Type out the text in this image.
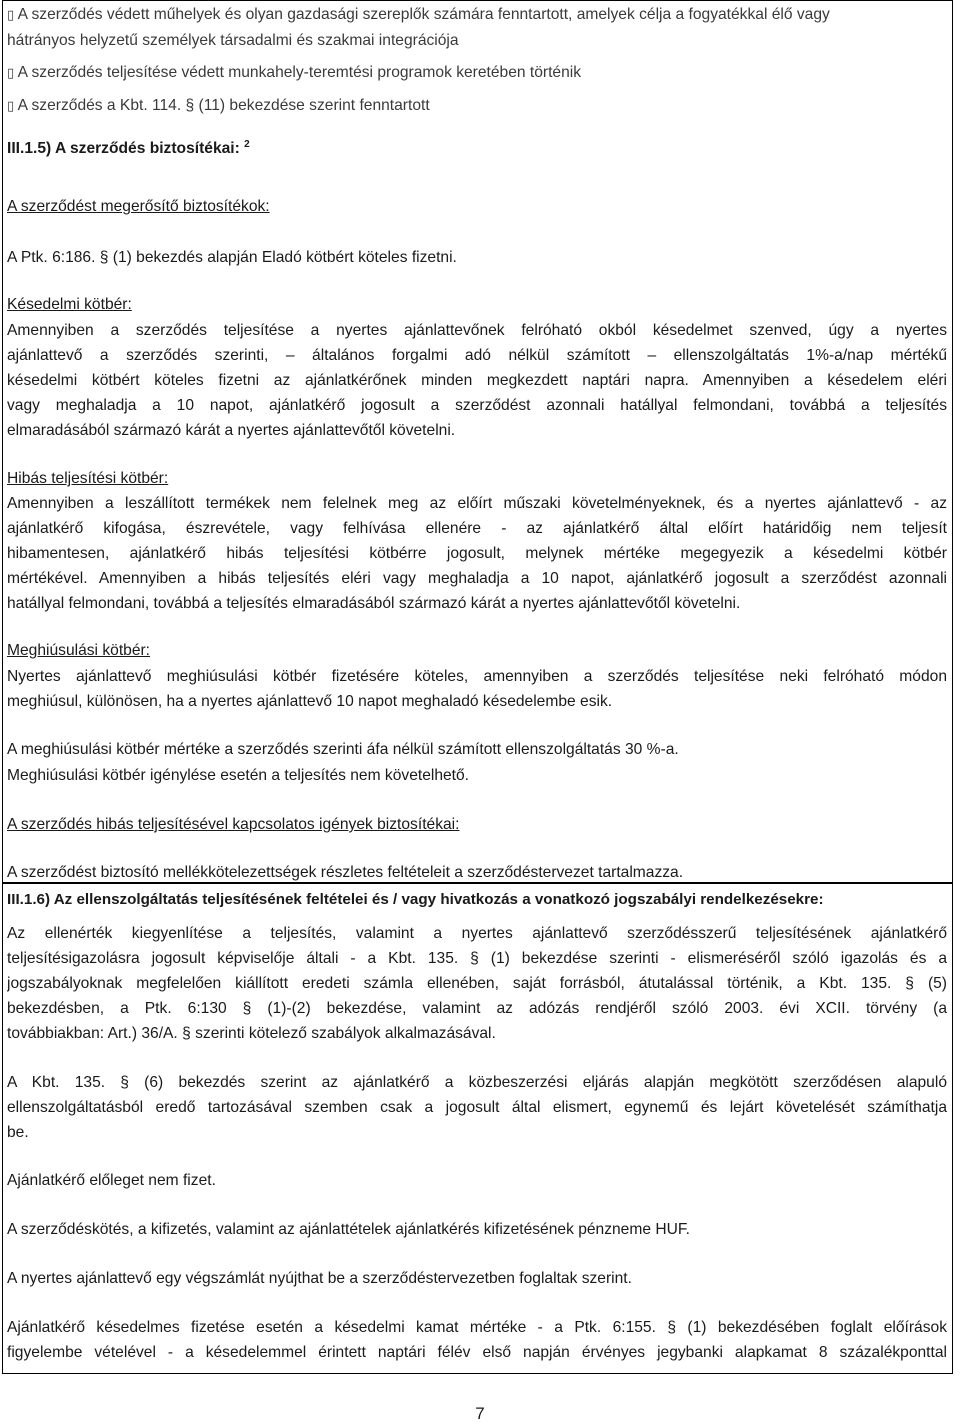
▯ A szerződés védett műhelyek és olyan gazdasági szereplők számára fenntartott, amelyek célja a fogyatékkal élő vagy
hátrányos helyzetű személyek társadalmi és szakmai integrációja
▯ A szerződés teljesítése védett munkahely-teremtési programok keretében történik
▯ A szerződés a Kbt. 114. § (11) bekezdése szerint fenntartott
III.1.5) A szerződés biztosítékai: $^2$
A szerződést megerősítő biztosítékok:
A Ptk. 6:186. § (1) bekezdés alapján Eladó kötbért köteles fizetni.
Késedelmi kötbér:
Amennyiben a szerződés teljesítése a nyertes ajánlattevőnek felróható okból késedelmet szenved, úgy a nyertes
ajánlattevő a szerződés szerinti, – általános forgalmi adó nélkül számított – ellenszolgáltatás 1%-a/nap mértékű
késedelmi kötbért köteles fizetni az ajánlatkérőnek minden megkezdett naptári napra. Amennyiben a késedelem eléri
vagy meghaladja a 10 napot, ajánlatkérő jogosult a szerződést azonnali hatállyal felmondani, továbbá a teljesítés
elmaradásából származó kárát a nyertes ajánlattevőtől követelni.
Hibás teljesítési kötbér:
Amennyiben a leszállított termékek nem felelnek meg az előírt műszaki követelményeknek, és a nyertes ajánlattevő - az
ajánlatkérő kifogása, észrevétele, vagy felhívása ellenére - az ajánlatkérő által előírt határidőig nem teljesít
hibamentesen, ajánlatkérő hibás teljesítési kötbérre jogosult, melynek mértéke megegyezik a késedelmi kötbér
mértékével. Amennyiben a hibás teljesítés eléri vagy meghaladja a 10 napot, ajánlatkérő jogosult a szerződést azonnali
hatállyal felmondani, továbbá a teljesítés elmaradásából származó kárát a nyertes ajánlattevőtől követelni.
Meghiúsulási kötbér:
Nyertes ajánlattevő meghiúsulási kötbér fizetésére köteles, amennyiben a szerződés teljesítése neki felróható módon
meghiúsul, különösen, ha a nyertes ajánlattevő 10 napot meghaladó késedelembe esik.
A meghiúsulási kötbér mértéke a szerződés szerinti áfa nélkül számított ellenszolgáltatás 30 %-a.
Meghiúsulási kötbér igénylése esetén a teljesítés nem követelhető.
A szerződés hibás teljesítésével kapcsolatos igények biztosítékai:
A szerződést biztosító mellékkötelezettségek részletes feltételeit a szerződéstervezet tartalmazza.
III.1.6) Az ellenszolgáltatás teljesítésének feltételei és / vagy hivatkozás a vonatkozó jogszabályi rendelkezésekre:
Az ellenérték kiegyenlítése a teljesítés, valamint a nyertes ajánlattevő szerződésszerű teljesítésének ajánlatkérő
teljesítésigazolásra jogosult képviselője általi - a Kbt. 135. § (1) bekezdése szerinti - elismeréséről szóló igazolás és a
jogszabályoknak megfelelően kiállított eredeti számla ellenében, saját forrásból, átutalással történik, a Kbt. 135. § (5)
bekezdésben, a Ptk. 6:130 § (1)-(2) bekezdése, valamint az adózás rendjéről szóló 2003. évi XCII. törvény (a
továbbiakban: Art.) 36/A. § szerinti kötelező szabályok alkalmazásával.
A Kbt. 135. § (6) bekezdés szerint az ajánlatkérő a közbeszerzési eljárás alapján megkötött szerződésen alapuló
ellenszolgáltatásból eredő tartozásával szemben csak a jogosult által elismert, egynemű és lejárt követelését számíthatja
be.
Ajánlatkérő előleget nem fizet.
A szerződéskötés, a kifizetés, valamint az ajánlattételek ajánlatkérés kifizetésének pénzneme HUF.
A nyertes ajánlattevő egy végszámlát nyújthat be a szerződéstervezetben foglaltak szerint.
Ajánlatkérő késedelmes fizetése esetén a késedelmi kamat mértéke - a Ptk. 6:155. § (1) bekezdésében foglalt előírások
figyelembe vételével - a késedelemmel érintett naptári félév első napján érvényes jegybanki alapkamat 8 százalékponttal
7
